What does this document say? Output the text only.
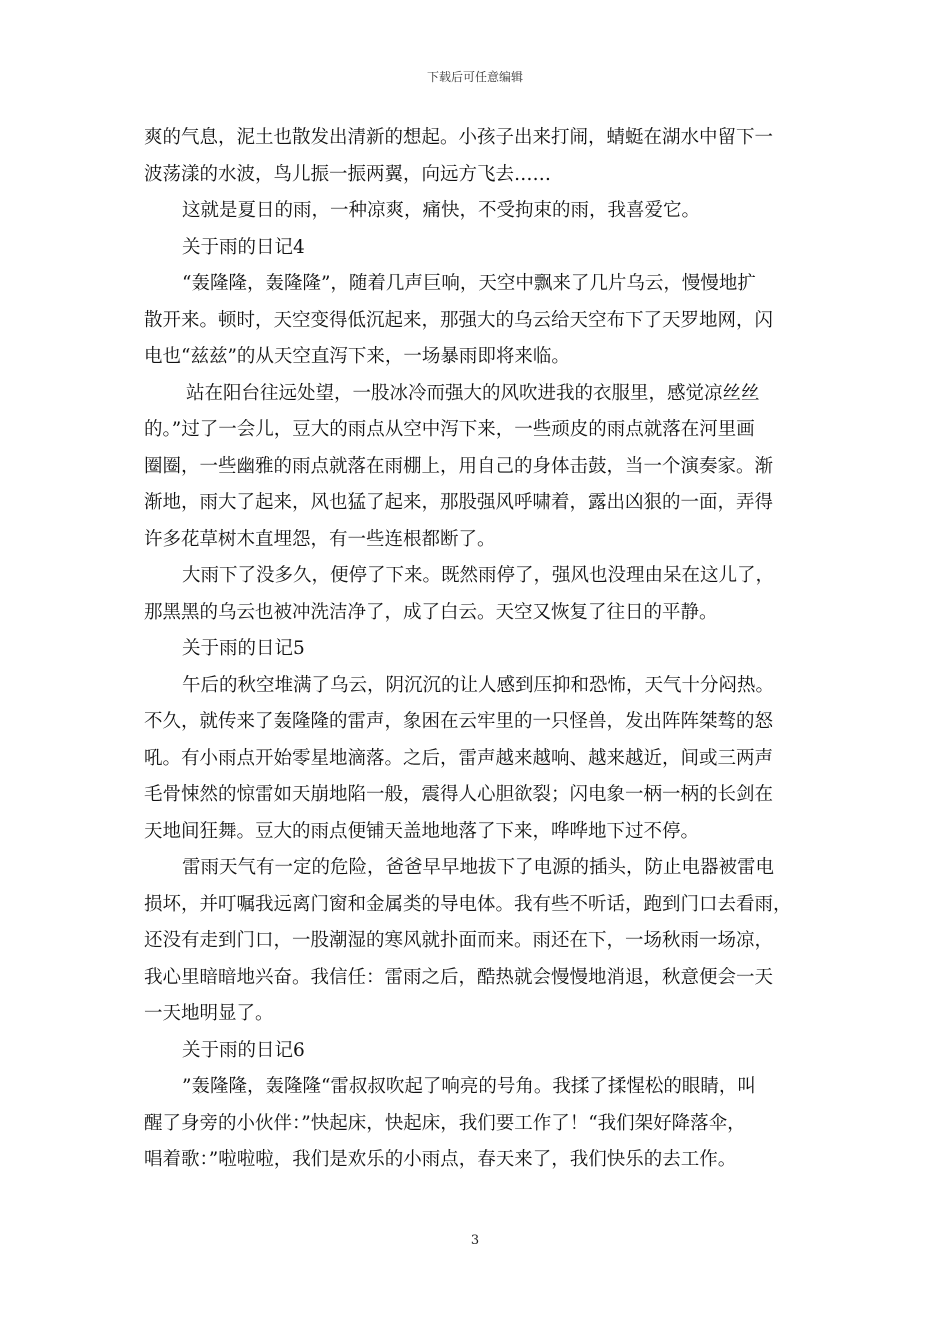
下载后可任意编辑
爽的气息，泥土也散发出清新的想起。小孩子出来打闹，蜻蜓在湖水中留下一
波荡漾的水波，鸟儿振一振两翼，向远方飞去……
这就是夏日的雨，一种凉爽，痛快，不受拘束的雨，我喜爱它。
关于雨的日记4
“轰隆隆，轰隆隆”，随着几声巨响，天空中飘来了几片乌云，慢慢地扩
散开来。顿时，天空变得低沉起来，那强大的乌云给天空布下了天罗地网，闪
电也“兹兹”的从天空直泻下来，一场暴雨即将来临。
站在阳台往远处望，一股冰冷而强大的风吹进我的衣服里，感觉凉丝丝
的。”过了一会儿，豆大的雨点从空中泻下来，一些顽皮的雨点就落在河里画
圈圈，一些幽雅的雨点就落在雨棚上，用自己的身体击鼓，当一个演奏家。渐
渐地，雨大了起来，风也猛了起来，那股强风呼啸着，露出凶狠的一面，弄得
许多花草树木直埋怨，有一些连根都断了。
大雨下了没多久，便停了下来。既然雨停了，强风也没理由呆在这儿了，
那黑黑的乌云也被冲洗洁净了，成了白云。天空又恢复了往日的平静。
关于雨的日记5
午后的秋空堆满了乌云，阴沉沉的让人感到压抑和恐怖，天气十分闷热。
不久，就传来了轰隆隆的雷声，象困在云牢里的一只怪兽，发出阵阵桀骜的怒
吼。有小雨点开始零星地滴落。之后，雷声越来越响、越来越近，间或三两声
毛骨悚然的惊雷如天崩地陷一般，震得人心胆欲裂；闪电象一柄一柄的长剑在
天地间狂舞。豆大的雨点便铺天盖地地落了下来，哗哗地下过不停。
雷雨天气有一定的危险，爸爸早早地拔下了电源的插头，防止电器被雷电
损坏，并叮嘱我远离门窗和金属类的导电体。我有些不听话，跑到门口去看雨，
还没有走到门口，一股潮湿的寒风就扑面而来。雨还在下，一场秋雨一场凉，
我心里暗暗地兴奋。我信任：雷雨之后，酷热就会慢慢地消退，秋意便会一天
一天地明显了。
关于雨的日记6
”轰隆隆，轰隆隆“雷叔叔吹起了响亮的号角。我揉了揉惺松的眼睛，叫
醒了身旁的小伙伴：”快起床，快起床，我们要工作了！“我们架好降落伞，
唱着歌：”啦啦啦，我们是欢乐的小雨点，春天来了，我们快乐的去工作。
3
